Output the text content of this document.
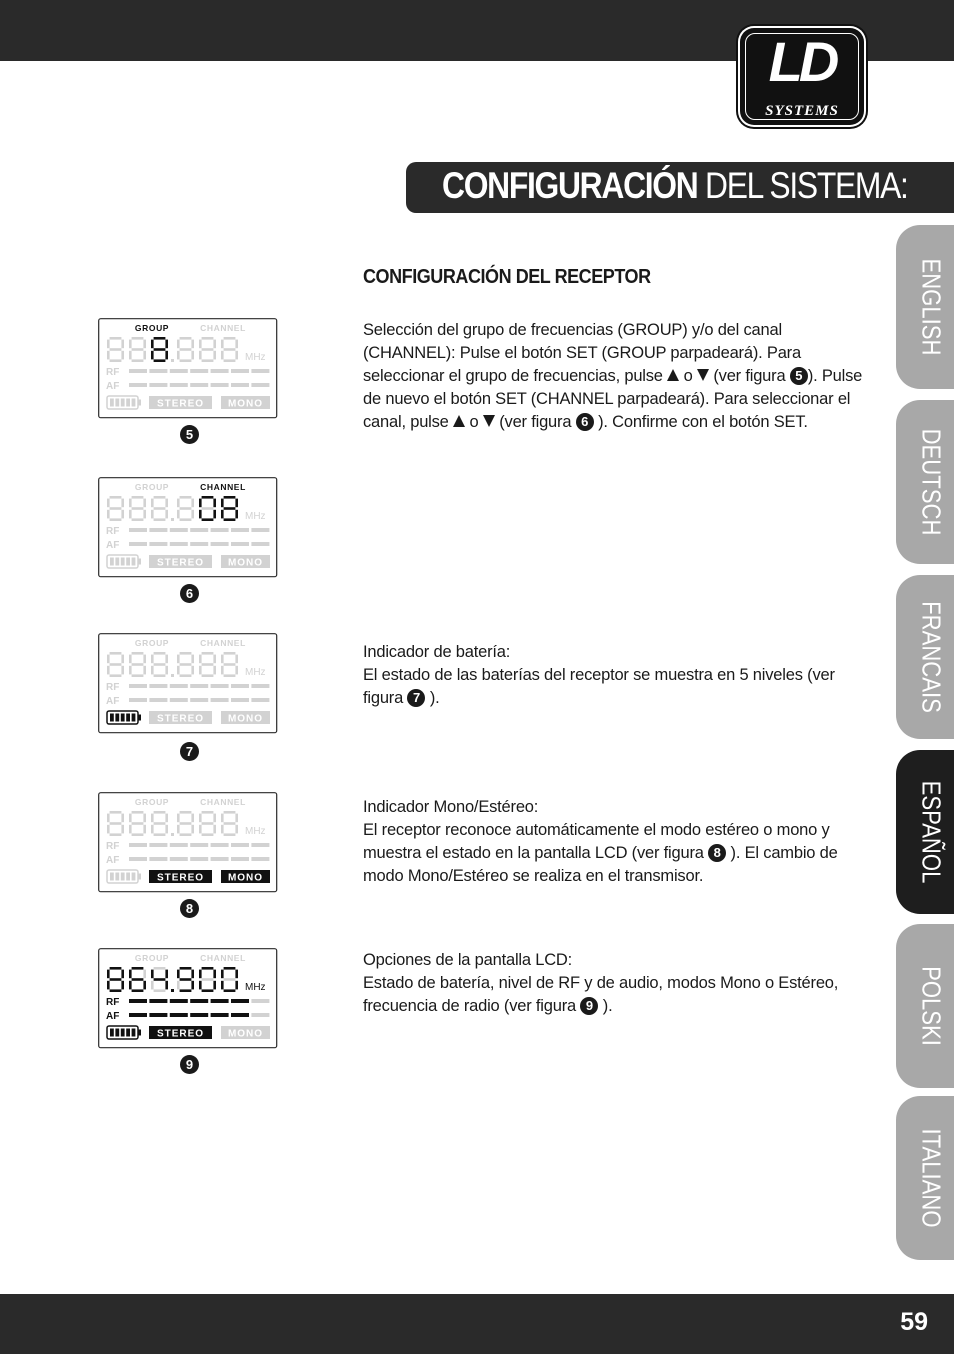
LD
SYSTEMS
CONFIGURACIÓN DEL SISTEMA:
ENGLISH
DEUTSCH
FRANCAIS
ESPAÑOL
POLSKI
ITALIANO
CONFIGURACIÓN DEL RECEPTOR
Selección del grupo de frecuencias (GROUP) y/o del canal (CHANNEL): Pulse el botón SET (GROUP parpadeará). Para seleccionar el grupo de frecuencias, pulse o (ver figura 5 ). Pulse de nuevo el botón SET (CHANNEL parpadeará). Para seleccionar el canal, pulse o (ver figura 6 ). Confirme con el botón SET.
Indicador de batería:
El estado de las baterías del receptor se muestra en 5 niveles (ver figura 7 ).
Indicador Mono/Estéreo:
El receptor reconoce automáticamente el modo estéreo o mono y muestra el estado en la pantalla LCD (ver figura 8 ). El cambio de modo Mono/Estéreo se realiza en el transmisor.
Opciones de la pantalla LCD:
Estado de batería, nivel de RF y de audio, modos Mono o Estéreo, frecuencia de radio (ver figura 9 ).
GROUP	CHANNEL
MHz
RF
AF
STEREO MONO
5
GROUP	CHANNEL
MHz
RF
AF
STEREO MONO
6
GROUP	CHANNEL
MHz
RF
AF
STEREO MONO
7
GROUP	CHANNEL
MHz
RF
AF
STEREO MONO
8
GROUP	CHANNEL
MHz
RF
AF
STEREO MONO
9
59
